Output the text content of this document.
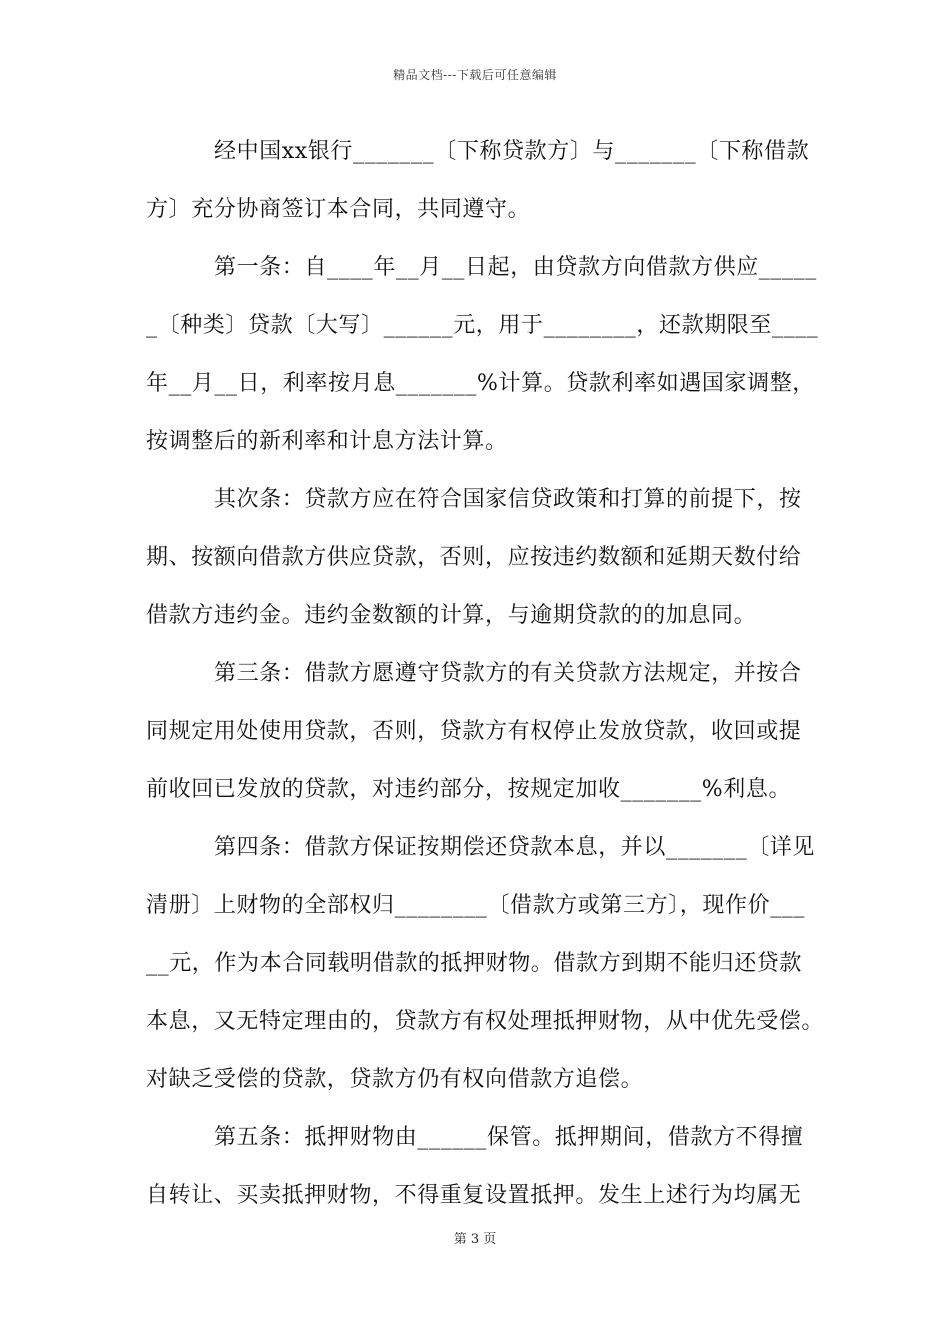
精品文档---下载后可任意编辑
经中国xx银行_______〔下称贷款方〕与_______〔下称借款
方〕充分协商签订本合同，共同遵守。
第一条：自____年__月__日起，由贷款方向借款方供应_____
_〔种类〕贷款〔大写〕______元，用于________，还款期限至____
年__月__日，利率按月息_______%计算。贷款利率如遇国家调整，
按调整后的新利率和计息方法计算。
其次条：贷款方应在符合国家信贷政策和打算的前提下，按
期、按额向借款方供应贷款，否则，应按违约数额和延期天数付给
借款方违约金。违约金数额的计算，与逾期贷款的的加息同。
第三条：借款方愿遵守贷款方的有关贷款方法规定，并按合
同规定用处使用贷款，否则，贷款方有权停止发放贷款，收回或提
前收回已发放的贷款，对违约部分，按规定加收_______%利息。
第四条：借款方保证按期偿还贷款本息，并以_______〔详见
清册〕上财物的全部权归________〔借款方或第三方〕，现作价___
__元，作为本合同载明借款的抵押财物。借款方到期不能归还贷款
本息，又无特定理由的，贷款方有权处理抵押财物，从中优先受偿。
对缺乏受偿的贷款，贷款方仍有权向借款方追偿。
第五条：抵押财物由______保管。抵押期间，借款方不得擅
自转让、买卖抵押财物，不得重复设置抵押。发生上述行为均属无
第 3 页
